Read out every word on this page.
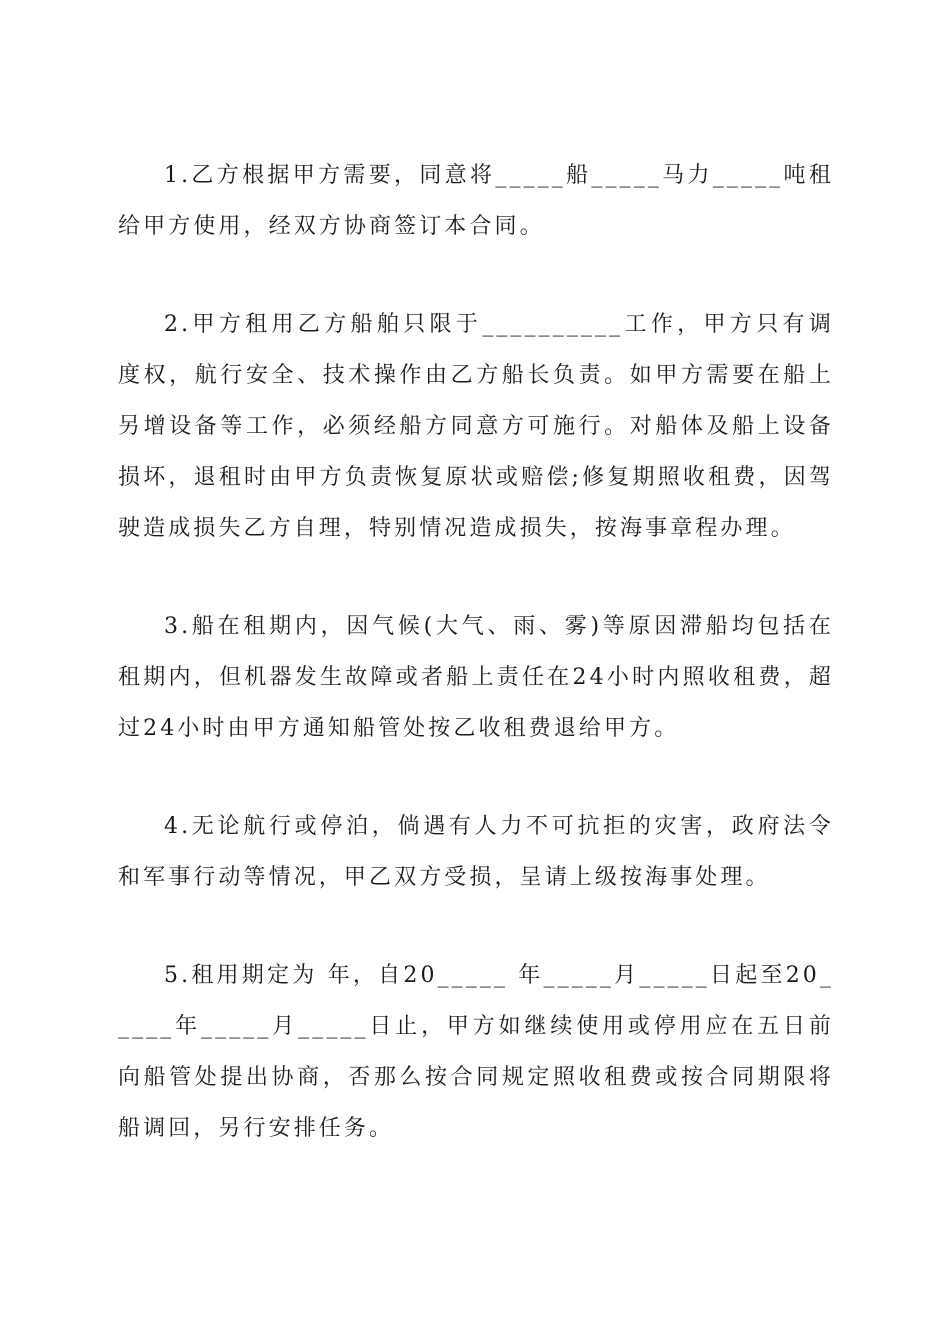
1.乙方根据甲方需要，同意将_____船_____马力_____吨租给甲方使用，经双方协商签订本合同。

2.甲方租用乙方船舶只限于__________工作，甲方只有调度权，航行安全、技术操作由乙方船长负责。如甲方需要在船上另增设备等工作，必须经船方同意方可施行。对船体及船上设备损坏，退租时由甲方负责恢复原状或赔偿;修复期照收租费，因驾驶造成损失乙方自理，特别情况造成损失，按海事章程办理。

3.船在租期内，因气候(大气、雨、雾)等原因滞船均包括在租期内，但机器发生故障或者船上责任在24小时内照收租费，超过24小时由甲方通知船管处按乙收租费退给甲方。

4.无论航行或停泊，倘遇有人力不可抗拒的灾害，政府法令和军事行动等情况，甲乙双方受损，呈请上级按海事处理。

5.租用期定为 年，自20_____ 年_____月_____日起至20_____年_____月_____日止，甲方如继续使用或停用应在五日前向船管处提出协商，否那么按合同规定照收租费或按合同期限将船调回，另行安排任务。
